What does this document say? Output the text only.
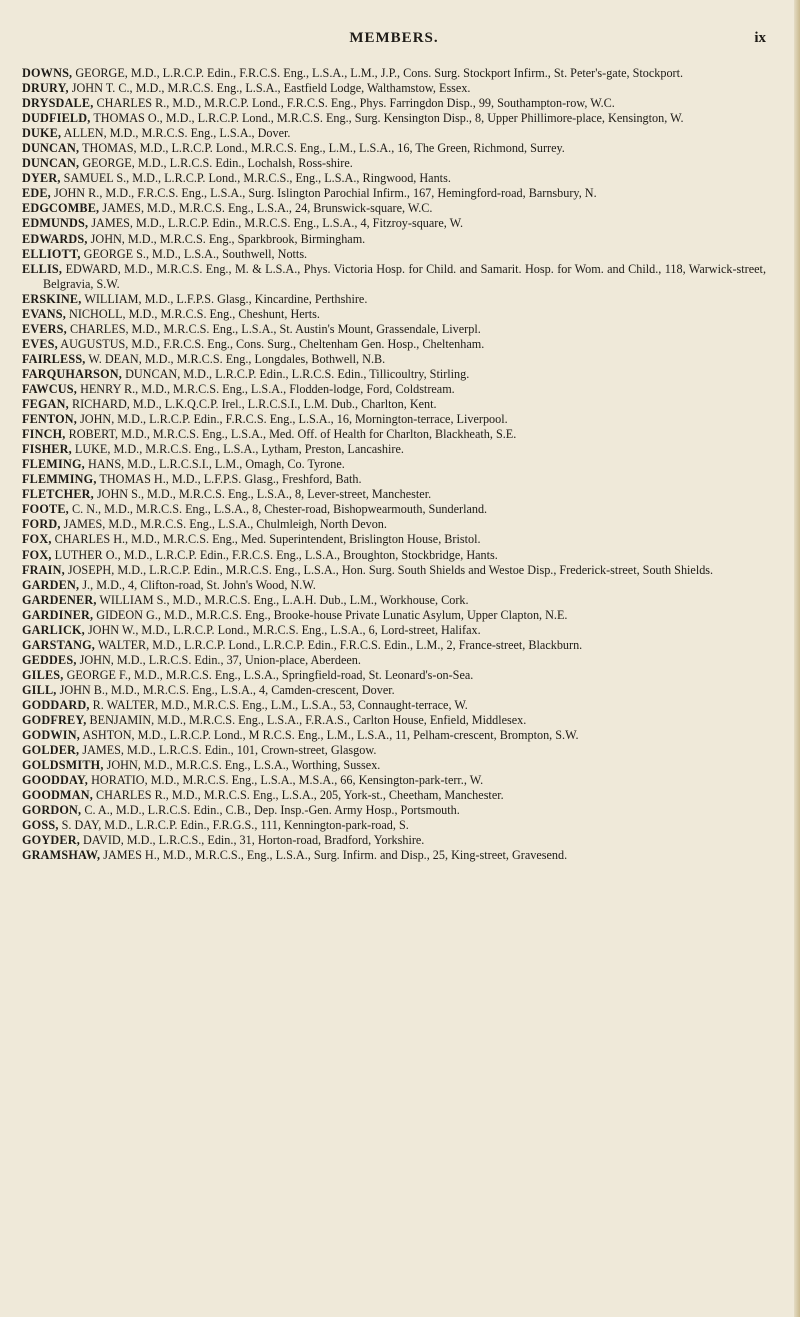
MEMBERS.	ix

DOWNS, GEORGE, M.D., L.R.C.P. Edin., F.R.C.S. Eng., L.S.A., L.M., J.P., Cons. Surg. Stockport Infirm., St. Peter's-gate, Stockport.

DRURY, JOHN T. C., M.D., M.R.C.S. Eng., L.S.A., Eastfield Lodge, Walthamstow, Essex.

DRYSDALE, CHARLES R., M.D., M.R.C.P. Lond., F.R.C.S. Eng., Phys. Farringdon Disp., 99, Southampton-row, W.C.

DUDFIELD, THOMAS O., M.D., L.R.C.P. Lond., M.R.C.S. Eng., Surg. Kensington Disp., 8, Upper Phillimore-place, Kensington, W.

DUKE, ALLEN, M.D., M.R.C.S. Eng., L.S.A., Dover.

DUNCAN, THOMAS, M.D., L.R.C.P. Lond., M.R.C.S. Eng., L.M., L.S.A., 16, The Green, Richmond, Surrey.

DUNCAN, GEORGE, M.D., L.R.C.S. Edin., Lochalsh, Ross-shire.

DYER, SAMUEL S., M.D., L.R.C.P. Lond., M.R.C.S., Eng., L.S.A., Ringwood, Hants.

EDE, JOHN R., M.D., F.R.C.S. Eng., L.S.A., Surg. Islington Parochial Infirm., 167, Hemingford-road, Barnsbury, N.

EDGCOMBE, JAMES, M.D., M.R.C.S. Eng., L.S.A., 24, Brunswick-square, W.C.

EDMUNDS, JAMES, M.D., L.R.C.P. Edin., M.R.C.S. Eng., L.S.A., 4, Fitzroy-square, W.

EDWARDS, JOHN, M.D., M.R.C.S. Eng., Sparkbrook, Birmingham.

ELLIOTT, GEORGE S., M.D., L.S.A., Southwell, Notts.

ELLIS, EDWARD, M.D., M.R.C.S. Eng., M. & L.S.A., Phys. Victoria Hosp. for Child. and Samarit. Hosp. for Wom. and Child., 118, Warwick-street, Belgravia, S.W.

ERSKINE, WILLIAM, M.D., L.F.P.S. Glasg., Kincardine, Perthshire.

EVANS, NICHOLL, M.D., M.R.C.S. Eng., Cheshunt, Herts.

EVERS, CHARLES, M.D., M.R.C.S. Eng., L.S.A., St. Austin's Mount, Grassendale, Liverpl.

EVES, AUGUSTUS, M.D., F.R.C.S. Eng., Cons. Surg., Cheltenham Gen. Hosp., Cheltenham.

FAIRLESS, W. DEAN, M.D., M.R.C.S. Eng., Longdales, Bothwell, N.B.

FARQUHARSON, DUNCAN, M.D., L.R.C.P. Edin., L.R.C.S. Edin., Tillicoultry, Stirling.

FAWCUS, HENRY R., M.D., M.R.C.S. Eng., L.S.A., Flodden-lodge, Ford, Coldstream.

FEGAN, RICHARD, M.D., L.K.Q.C.P. Irel., L.R.C.S.I., L.M. Dub., Charlton, Kent.

FENTON, JOHN, M.D., L.R.C.P. Edin., F.R.C.S. Eng., L.S.A., 16, Mornington-terrace, Liverpool.

FINCH, ROBERT, M.D., M.R.C.S. Eng., L.S.A., Med. Off. of Health for Charlton, Blackheath, S.E.

FISHER, LUKE, M.D., M.R.C.S. Eng., L.S.A., Lytham, Preston, Lancashire.

FLEMING, HANS, M.D., L.R.C.S.I., L.M., Omagh, Co. Tyrone.

FLEMMING, THOMAS H., M.D., L.F.P.S. Glasg., Freshford, Bath.

FLETCHER, JOHN S., M.D., M.R.C.S. Eng., L.S.A., 8, Lever-street, Manchester.

FOOTE, C. N., M.D., M.R.C.S. Eng., L.S.A., 8, Chester-road, Bishopwearmouth, Sunderland.

FORD, JAMES, M.D., M.R.C.S. Eng., L.S.A., Chulmleigh, North Devon.

FOX, CHARLES H., M.D., M.R.C.S. Eng., Med. Superintendent, Brislington House, Bristol.

FOX, LUTHER O., M.D., L.R.C.P. Edin., F.R.C.S. Eng., L.S.A., Broughton, Stockbridge, Hants.

FRAIN, JOSEPH, M.D., L.R.C.P. Edin., M.R.C.S. Eng., L.S.A., Hon. Surg. South Shields and Westoe Disp., Frederick-street, South Shields.

GARDEN, J., M.D., 4, Clifton-road, St. John's Wood, N.W.

GARDENER, WILLIAM S., M.D., M.R.C.S. Eng., L.A.H. Dub., L.M., Workhouse, Cork.

GARDINER, GIDEON G., M.D., M.R.C.S. Eng., Brooke-house Private Lunatic Asylum, Upper Clapton, N.E.

GARLICK, JOHN W., M.D., L.R.C.P. Lond., M.R.C.S. Eng., L.S.A., 6, Lord-street, Halifax.

GARSTANG, WALTER, M.D., L.R.C.P. Lond., L.R.C.P. Edin., F.R.C.S. Edin., L.M., 2, France-street, Blackburn.

GEDDES, JOHN, M.D., L.R.C.S. Edin., 37, Union-place, Aberdeen.

GILES, GEORGE F., M.D., M.R.C.S. Eng., L.S.A., Springfield-road, St. Leonard's-on-Sea.

GILL, JOHN B., M.D., M.R.C.S. Eng., L.S.A., 4, Camden-crescent, Dover.

GODDARD, R. WALTER, M.D., M.R.C.S. Eng., L.M., L.S.A., 53, Connaught-terrace, W.

GODFREY, BENJAMIN, M.D., M.R.C.S. Eng., L.S.A., F.R.A.S., Carlton House, Enfield, Middlesex.

GODWIN, ASHTON, M.D., L.R.C.P. Lond., M R.C.S. Eng., L.M., L.S.A., 11, Pelham-crescent, Brompton, S.W.

GOLDER, JAMES, M.D., L.R.C.S. Edin., 101, Crown-street, Glasgow.

GOLDSMITH, JOHN, M.D., M.R.C.S. Eng., L.S.A., Worthing, Sussex.

GOODDAY, HORATIO, M.D., M.R.C.S. Eng., L.S.A., M.S.A., 66, Kensington-park-terr., W.

GOODMAN, CHARLES R., M.D., M.R.C.S. Eng., L.S.A., 205, York-st., Cheetham, Manchester.

GORDON, C. A., M.D., L.R.C.S. Edin., C.B., Dep. Insp.-Gen. Army Hosp., Portsmouth.

GOSS, S. DAY, M.D., L.R.C.P. Edin., F.R.G.S., 111, Kennington-park-road, S.

GOYDER, DAVID, M.D., L.R.C.S., Edin., 31, Horton-road, Bradford, Yorkshire.

GRAMSHAW, JAMES H., M.D., M.R.C.S., Eng., L.S.A., Surg. Infirm. and Disp., 25, King-street, Gravesend.
